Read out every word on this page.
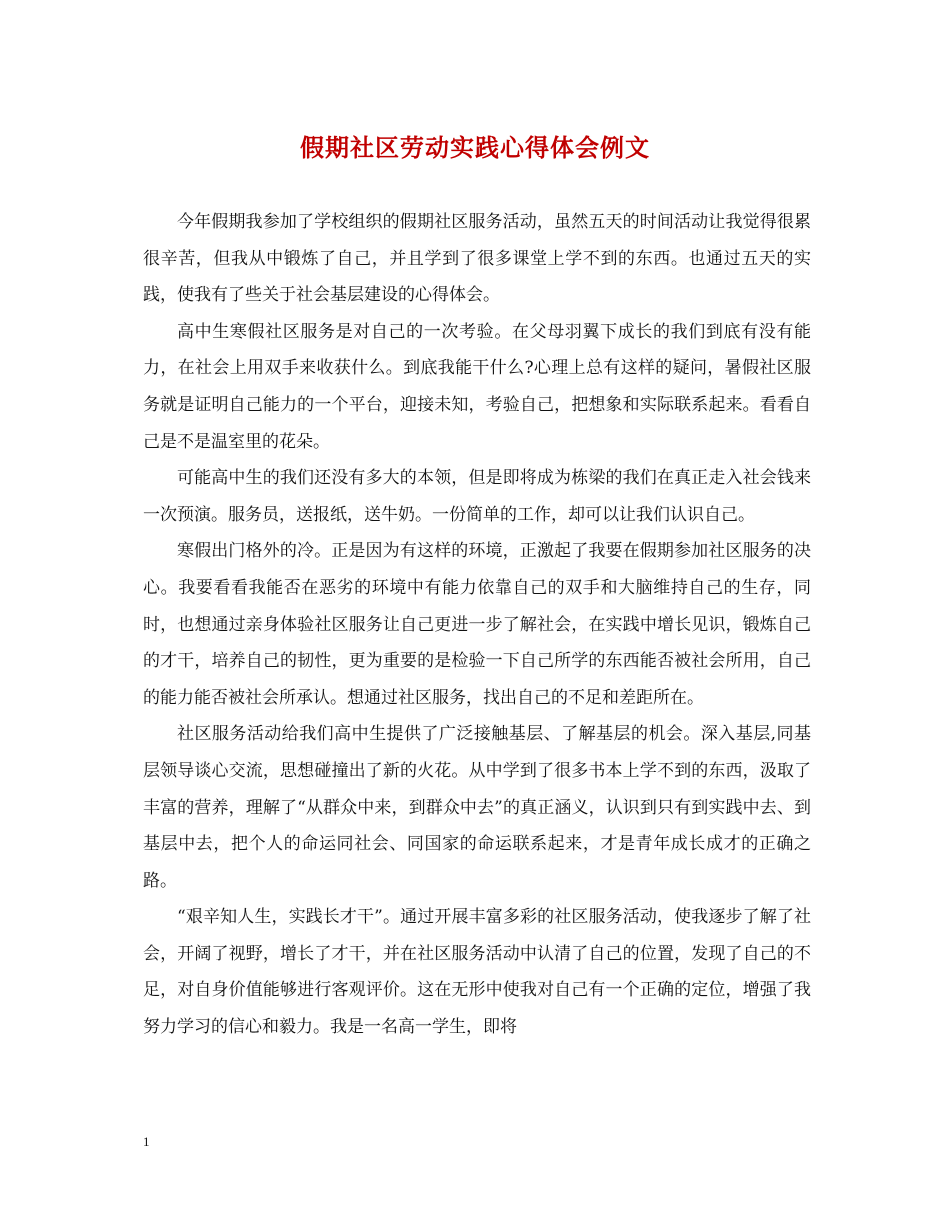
假期社区劳动实践心得体会例文

今年假期我参加了学校组织的假期社区服务活动，虽然五天的时间活动让我觉得很累很辛苦，但我从中锻炼了自己，并且学到了很多课堂上学不到的东西。也通过五天的实践，使我有了些关于社会基层建设的心得体会。

高中生寒假社区服务是对自己的一次考验。在父母羽翼下成长的我们到底有没有能力，在社会上用双手来收获什么。到底我能干什么?心理上总有这样的疑问，暑假社区服务就是证明自己能力的一个平台，迎接未知，考验自己，把想象和实际联系起来。看看自己是不是温室里的花朵。

可能高中生的我们还没有多大的本领，但是即将成为栋梁的我们在真正走入社会钱来一次预演。服务员，送报纸，送牛奶。一份简单的工作，却可以让我们认识自己。

寒假出门格外的冷。正是因为有这样的环境，正激起了我要在假期参加社区服务的决心。我要看看我能否在恶劣的环境中有能力依靠自己的双手和大脑维持自己的生存，同时，也想通过亲身体验社区服务让自己更进一步了解社会，在实践中增长见识，锻炼自己的才干，培养自己的韧性，更为重要的是检验一下自己所学的东西能否被社会所用，自己的能力能否被社会所承认。想通过社区服务，找出自己的不足和差距所在。

社区服务活动给我们高中生提供了广泛接触基层、了解基层的机会。深入基层,同基层领导谈心交流，思想碰撞出了新的火花。从中学到了很多书本上学不到的东西，汲取了丰富的营养，理解了“从群众中来，到群众中去”的真正涵义，认识到只有到实践中去、到基层中去，把个人的命运同社会、同国家的命运联系起来，才是青年成长成才的正确之路。

“艰辛知人生，实践长才干”。通过开展丰富多彩的社区服务活动，使我逐步了解了社会，开阔了视野，增长了才干，并在社区服务活动中认清了自己的位置，发现了自己的不足，对自身价值能够进行客观评价。这在无形中使我对自己有一个正确的定位，增强了我努力学习的信心和毅力。我是一名高一学生，即将

1
